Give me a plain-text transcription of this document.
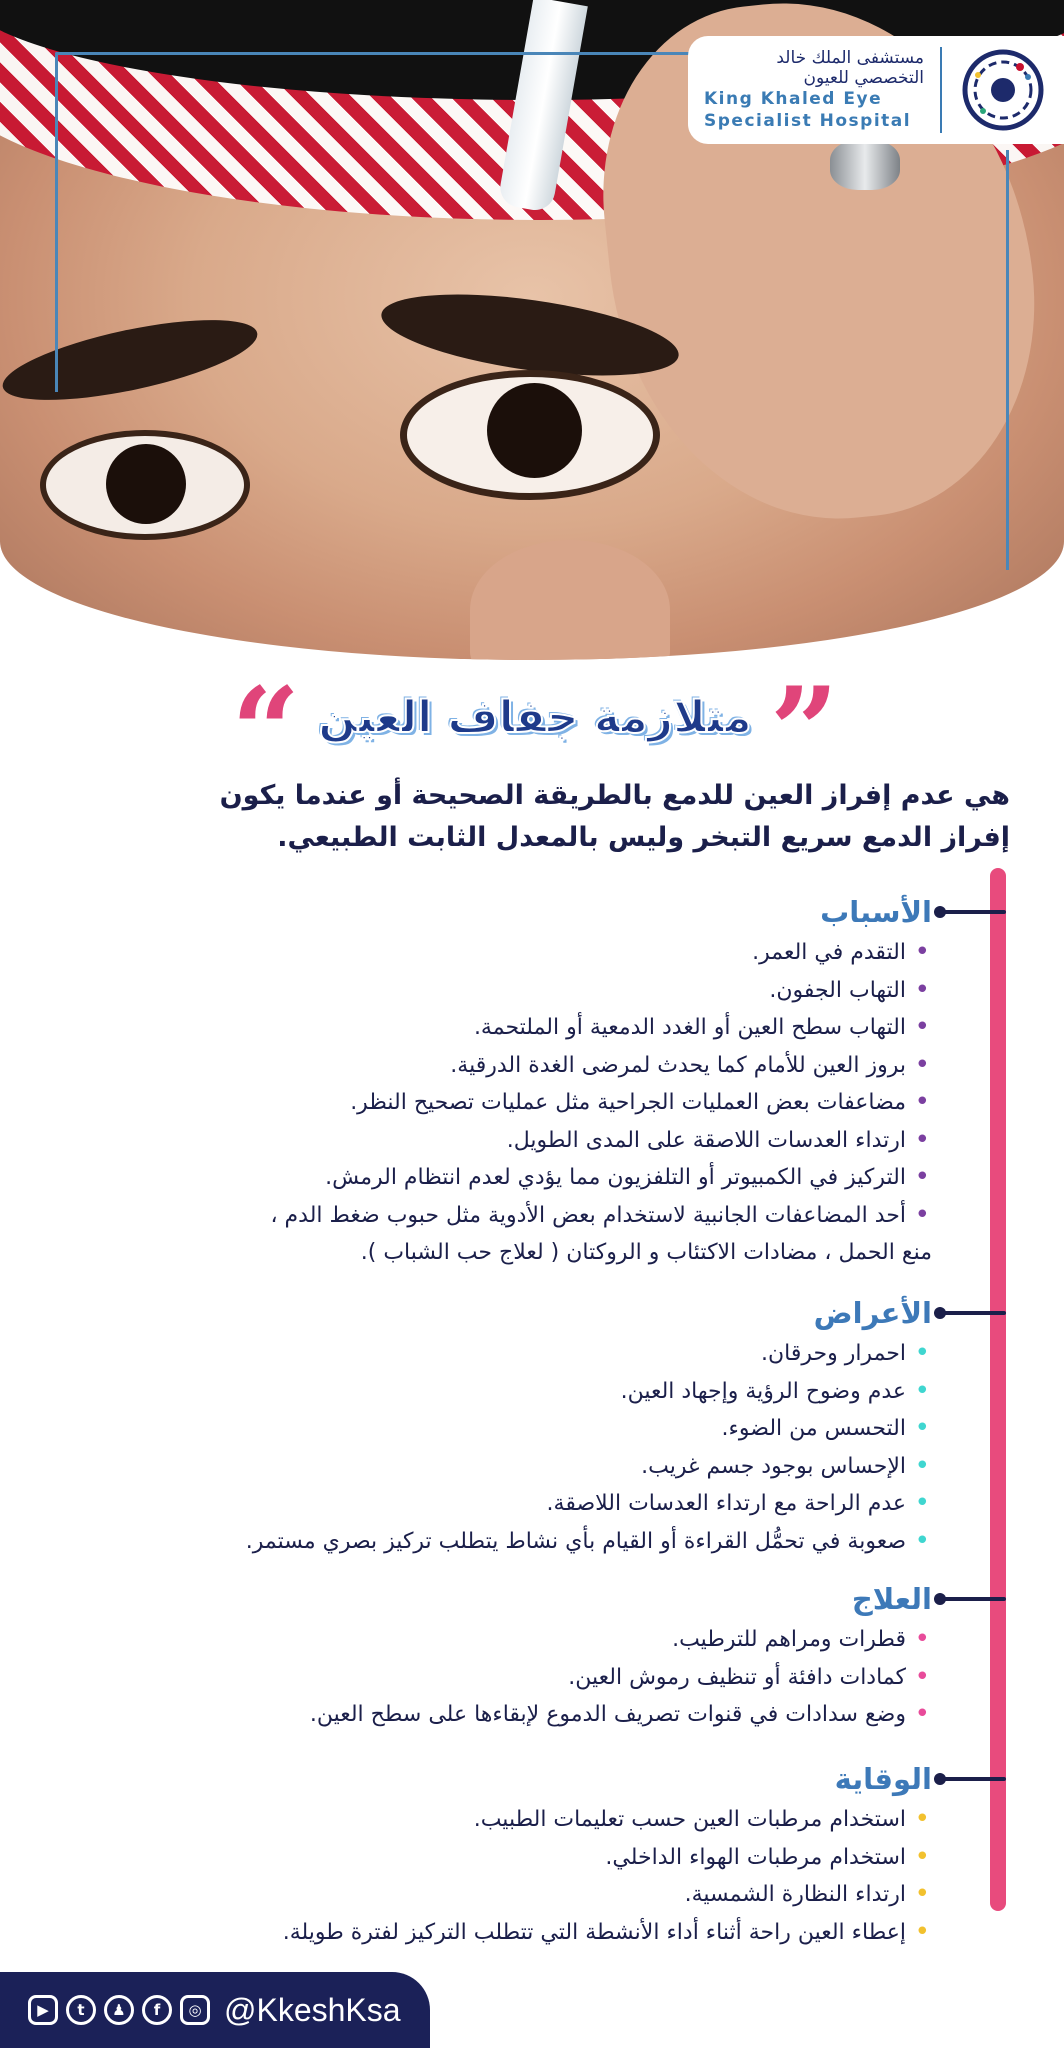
مستشفى الملك خالد
التخصصي للعيون
King Khaled Eye
Specialist Hospital
“ متلازمة جفاف العين ”
هي عدم إفراز العين للدمع بالطريقة الصحيحة أو عندما يكون
إفراز الدمع سريع التبخر وليس بالمعدل الثابت الطبيعي.
الأسباب
•
التقدم في العمر.
•
التهاب الجفون.
•
التهاب سطح العين أو الغدد الدمعية أو الملتحمة.
•
بروز العين للأمام كما يحدث لمرضى الغدة الدرقية.
•
مضاعفات بعض العمليات الجراحية مثل عمليات تصحيح النظر.
•
ارتداء العدسات اللاصقة على المدى الطويل.
•
التركيز في الكمبيوتر أو التلفزيون مما يؤدي لعدم انتظام الرمش.
•
أحد المضاعفات الجانبية لاستخدام بعض الأدوية مثل حبوب ضغط الدم ،
منع الحمل ، مضادات الاكتئاب و الروكتان ( لعلاج حب الشباب ).
الأعراض
•
احمرار وحرقان.
•
عدم وضوح الرؤية وإجهاد العين.
•
التحسس من الضوء.
•
الإحساس بوجود جسم غريب.
•
عدم الراحة مع ارتداء العدسات اللاصقة.
•
صعوبة في تحمُّل القراءة أو القيام بأي نشاط يتطلب تركيز بصري مستمر.
العلاج
•
قطرات ومراهم للترطيب.
•
كمادات دافئة أو تنظيف رموش العين.
•
وضع سدادات في قنوات تصريف الدموع لإبقاءها على سطح العين.
الوقاية
•
استخدام مرطبات العين حسب تعليمات الطبيب.
•
استخدام مرطبات الهواء الداخلي.
•
ارتداء النظارة الشمسية.
•
إعطاء العين راحة أثناء أداء الأنشطة التي تتطلب التركيز لفترة طويلة.
▶	t	♟	f	◎ @KkeshKsa
